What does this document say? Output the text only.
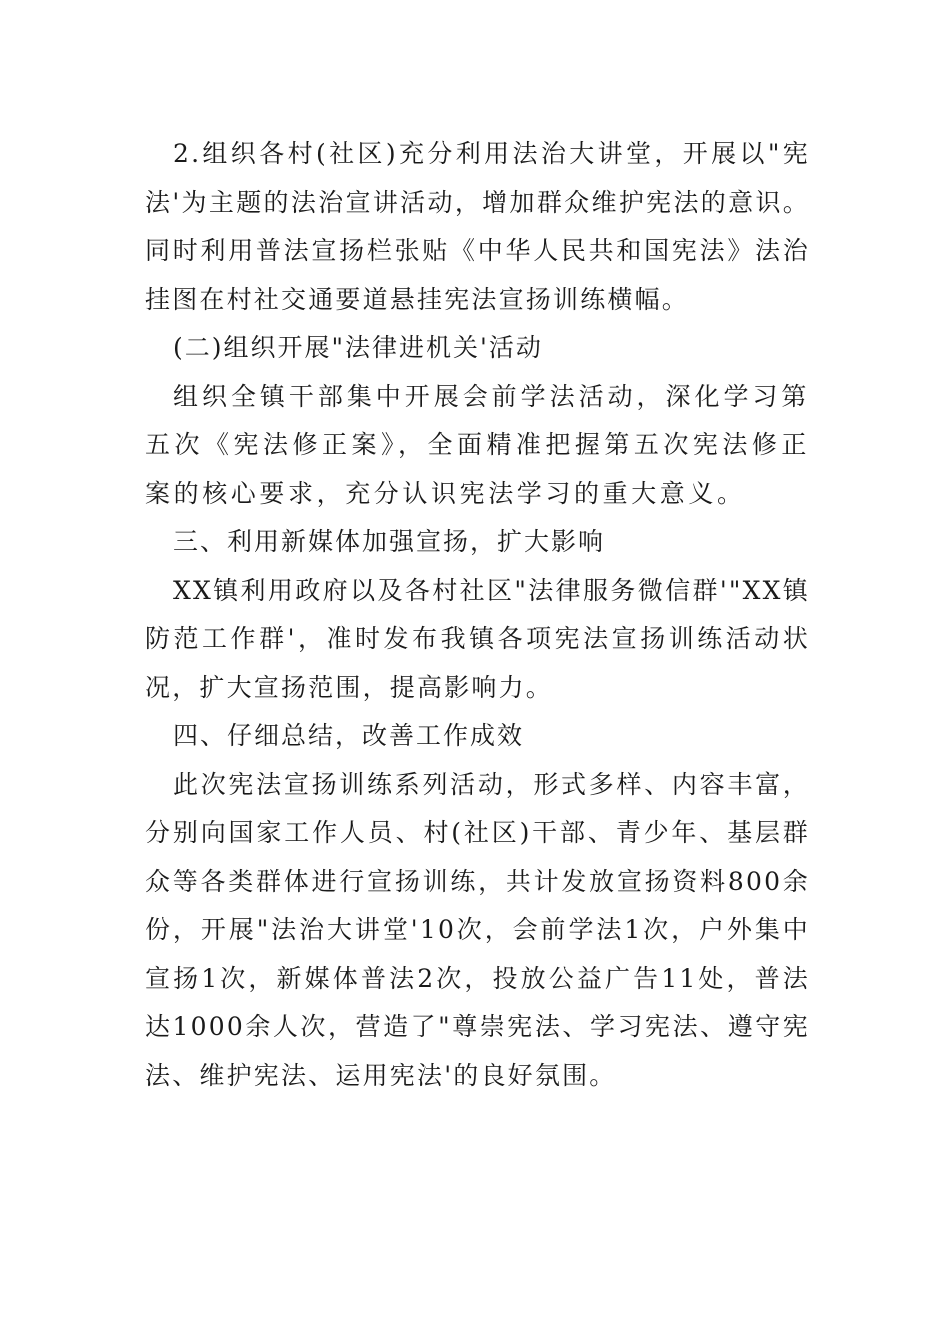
2.组织各村(社区)充分利用法治大讲堂，开展以"宪法'为主题的法治宣讲活动，增加群众维护宪法的意识。同时利用普法宣扬栏张贴《中华人民共和国宪法》法治挂图在村社交通要道悬挂宪法宣扬训练横幅。

(二)组织开展"法律进机关'活动

组织全镇干部集中开展会前学法活动，深化学习第五次《宪法修正案》，全面精准把握第五次宪法修正案的核心要求，充分认识宪法学习的重大意义。

三、利用新媒体加强宣扬，扩大影响

XX镇利用政府以及各村社区"法律服务微信群'"XX镇防范工作群'，准时发布我镇各项宪法宣扬训练活动状况，扩大宣扬范围，提高影响力。

四、仔细总结，改善工作成效

此次宪法宣扬训练系列活动，形式多样、内容丰富，分别向国家工作人员、村(社区)干部、青少年、基层群众等各类群体进行宣扬训练，共计发放宣扬资料800余份，开展"法治大讲堂'10次，会前学法1次，户外集中宣扬1次，新媒体普法2次，投放公益广告11处，普法达1000余人次，营造了"尊崇宪法、学习宪法、遵守宪法、维护宪法、运用宪法'的良好氛围。
